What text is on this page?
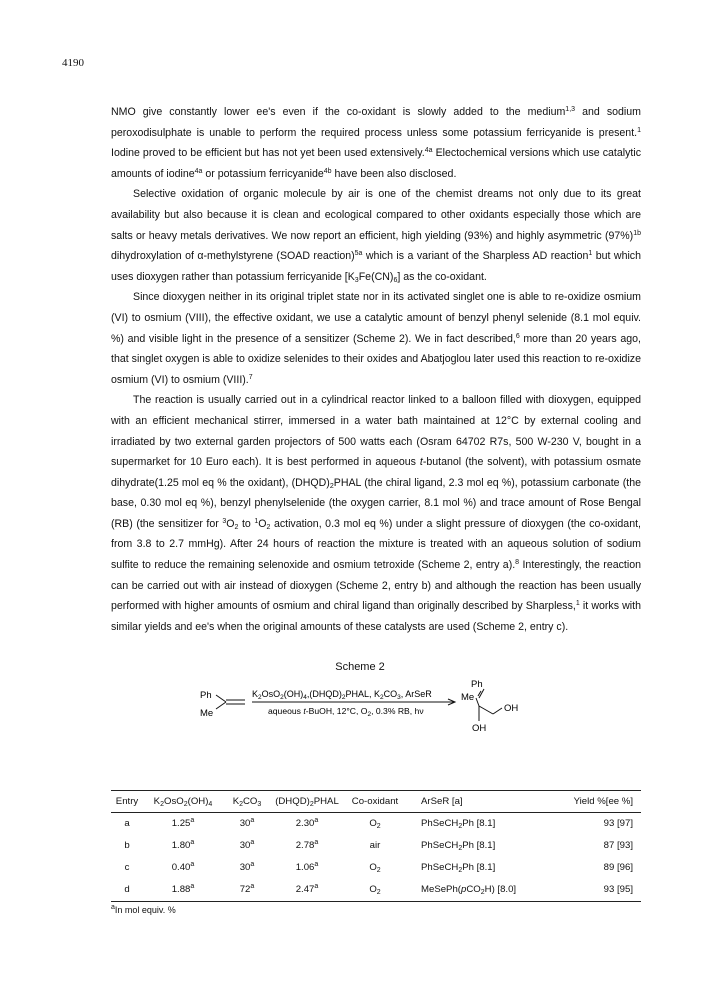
4190

NMO give constantly lower ee's even if the co-oxidant is slowly added to the medium$^{1,3}$ and sodium peroxodisulphate is unable to perform the required process unless some potassium ferricyanide is present.$^1$ Iodine proved to be efficient but has not yet been used extensively.$^{4a}$ Electochemical versions which use catalytic amounts of iodine$^{4a}$ or potassium ferricyanide$^{4b}$ have been also disclosed.

Selective oxidation of organic molecule by air is one of the chemist dreams not only due to its great availability but also because it is clean and ecological compared to other oxidants especially those which are salts or heavy metals derivatives. We now report an efficient, high yielding (93%) and highly asymmetric $(97\%)^{1b}$ dihydroxylation of α-methylstyrene (SOAD reaction)$^{5a}$ which is a variant of the Sharpless AD reaction$^1$ but which uses dioxygen rather than potassium ferricyanide $[K_3Fe(CN)_6]$ as the co-oxidant.

Since dioxygen neither in its original triplet state nor in its activated singlet one is able to re-oxidize osmium (VI) to osmium (VIII), the effective oxidant, we use a catalytic amount of benzyl phenyl selenide (8.1 mol equiv. %) and visible light in the presence of a sensitizer (Scheme 2). We in fact described,$^6$ more than 20 years ago, that singlet oxygen is able to oxidize selenides to their oxides and Abatjoglou later used this reaction to re-oxidize osmium (VI) to osmium (VIII).$^7$

The reaction is usually carried out in a cylindrical reactor linked to a balloon filled with dioxygen, equipped with an efficient mechanical stirrer, immersed in a water bath maintained at 12°C by external cooling and irradiated by two external garden projectors of 500 watts each (Osram 64702 R7s, 500 W-230 V, bought in a supermarket for 10 Euro each). It is best performed in aqueous t-butanol (the solvent), with potassium osmate dihydrate(1.25 mol eq % the oxidant), $(DHQD)_2PHAL$ (the chiral ligand, 2.3 mol eq %), potassium carbonate (the base, 0.30 mol eq %), benzyl phenylselenide (the oxygen carrier, 8.1 mol %) and trace amount of Rose Bengal (RB) (the sensitizer for $^3O_2$ to $^1O_2$ activation, 0.3 mol eq %) under a slight pressure of dioxygen (the co-oxidant, from 3.8 to 2.7 mmHg). After 24 hours of reaction the mixture is treated with an aqueous solution of sodium sulfite to reduce the remaining selenoxide and osmium tetroxide (Scheme 2, entry a).$^8$ Interestingly, the reaction can be carried out with air instead of dioxygen (Scheme 2, entry b) and although the reaction has been usually performed with higher amounts of osmium and chiral ligand than originally described by Sharpless,$^1$ it works with similar yields and ee's when the original amounts of these catalysts are used (Scheme 2, entry c).

Scheme 2
Ph
Me
K2OsO2(OH)4,(DHQD)2PHAL, K2CO3, ArSeR
aqueous t-BuOH, 12°C, O2, 0.3% RB, hν
Ph
Me
OH
OH
Entry	$K_2OsO_2(OH)_4$	$K_2CO_3$	$(DHQD)_2PHAL$	Co-oxidant	ArSeR [a]	Yield %[ee %]
a	1.25$^a$	30$^a$	2.30$^a$	$O_2$	PhSeCH$_2$Ph [8.1]	93 [97]
b	1.80$^a$	30$^a$	2.78$^a$	air	PhSeCH$_2$Ph [8.1]	87 [93]
c	0.40$^a$	30$^a$	1.06$^a$	$O_2$	PhSeCH$_2$Ph [8.1]	89 [96]
d	1.88$^a$	72$^a$	2.47$^a$	$O_2$	MeSePh(pCO$_2$H) [8.0]	93 [95]
$^a$In mol equiv. %
